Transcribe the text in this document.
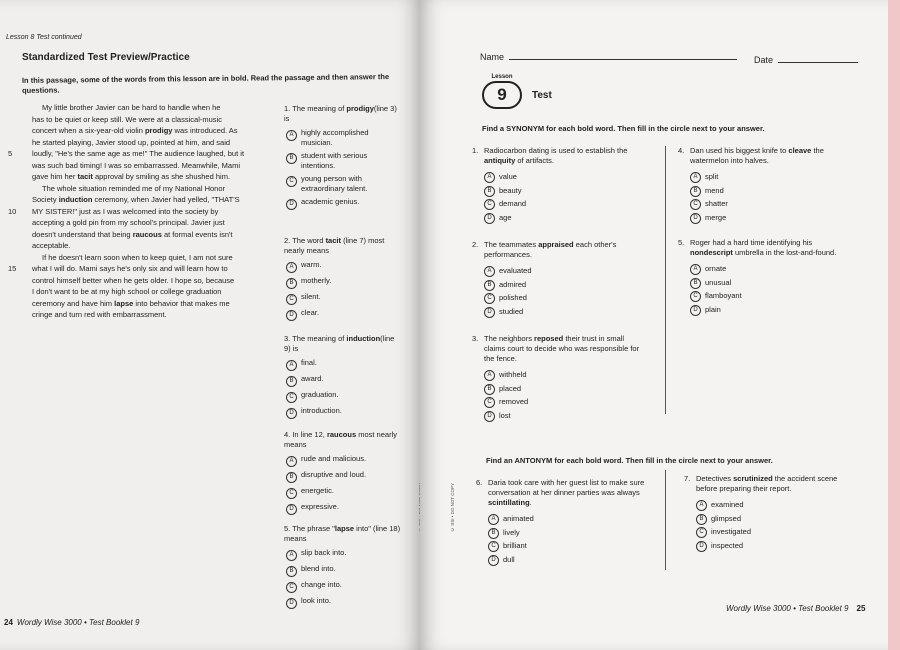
Lesson 8 Test continued
Standardized Test Preview/Practice
In this passage, some of the words from this lesson are in bold. Read the passage and then answer the questions.
My little brother Javier can be hard to handle when he
has to be quiet or keep still. We were at a classical-music
concert when a six-year-old violin prodigy was introduced. As
he started playing, Javier stood up, pointed at him, and said
5	loudly, "He's the same age as me!" The audience laughed, but it
was such bad timing! I was so embarrassed. Meanwhile, Mami
gave him her tacit approval by smiling as she shushed him.
The whole situation reminded me of my National Honor
Society induction ceremony, when Javier had yelled, "THAT'S
10	MY SISTER!" just as I was welcomed into the society by
accepting a gold pin from my school's principal. Javier just
doesn't understand that being raucous at formal events isn't
acceptable.
If he doesn't learn soon when to keep quiet, I am not sure
15	what I will do. Mami says he's only six and will learn how to
control himself better when he gets older. I hope so, because
I don't want to be at my high school or college graduation
ceremony and have him lapse into behavior that makes me
cringe and turn red with embarrassment.
1. The meaning of prodigy(line 3) is
A	highly accomplished musician.
B	student with serious intentions.
C young person with extraordinary talent.
D academic genius.
2. The word tacit (line 7) most nearly means
A	warm.
B	motherly.
C silent.
D clear.
3. The meaning of induction(line 9) is
A	final.
B	award.
C graduation.
D introduction.
4. In line 12, raucous most nearly means
A	rude and malicious.
B	disruptive and loud.
C energetic.
D expressive.
5. The phrase "lapse into" (line 18) means
A	slip back into.
B	blend into.
C change into.
D look into.
24 Wordly Wise 3000 • Test Booklet 9
© SSI • DO NOT COPY
Name	Date
Lesson
9	Test
Find a SYNONYM for each bold word. Then fill in the circle next to your answer.
Find an ANTONYM for each bold word. Then fill in the circle next to your answer.
1. Radiocarbon dating is used to establish the
antiquity of artifacts.
A	value
B	beauty
C demand
D age
2. The teammates appraised each other's
performances.
A	evaluated
B	admired
C polished
D studied
3. The neighbors reposed their trust in small
claims court to decide who was responsible for
the fence.
A	withheld
B	placed
C removed
D lost
4. Dan used his biggest knife to cleave the
watermelon into halves.
A	split
B	mend
C shatter
D merge
5. Roger had a hard time identifying his
nondescript umbrella in the lost-and-found.
A	ornate
B	unusual
C flamboyant
D plain
6. Daria took care with her guest list to make sure
conversation at her dinner parties was always
scintillating.
A	animated
B	lively
C brilliant
D dull
7. Detectives scrutinized the accident scene
before preparing their report.
A	examined
B	glimpsed
C investigated
D inspected
Wordly Wise 3000 • Test Booklet 9 25
